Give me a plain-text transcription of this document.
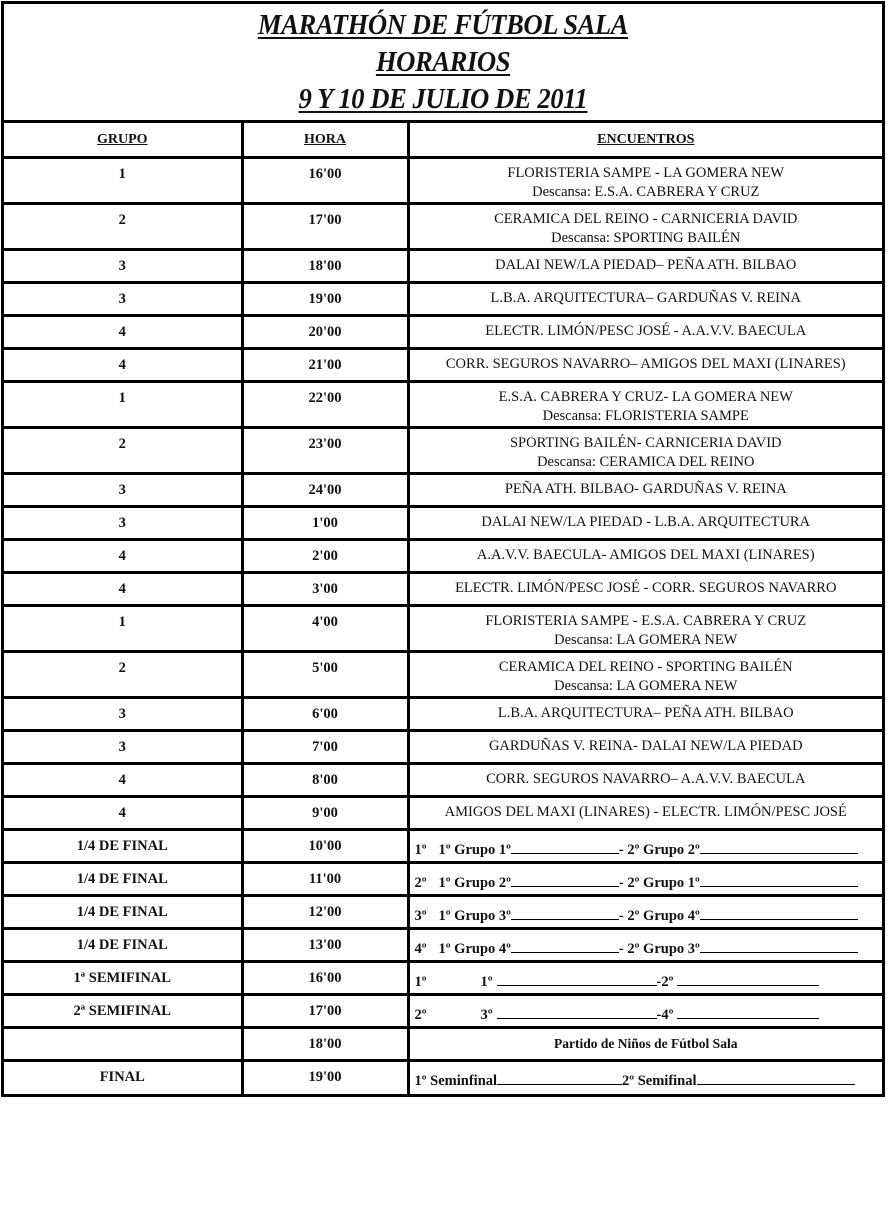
MARATHÓN DE FÚTBOL SALA
HORARIOS
9 Y 10 DE JULIO DE 2011
GRUPO	HORA	ENCUENTROS
1	16'00	FLORISTERIA SAMPE - LA GOMERA NEW
Descansa: E.S.A. CABRERA Y CRUZ

2	17'00	CERAMICA DEL REINO - CARNICERIA DAVID
Descansa: SPORTING BAILÉN

3	18'00	DALAI NEW/LA PIEDAD– PEÑA ATH. BILBAO

3	19'00	L.B.A. ARQUITECTURA– GARDUÑAS V. REINA

4	20'00	ELECTR. LIMÓN/PESC JOSÉ - A.A.V.V. BAECULA

4	21'00	CORR. SEGUROS NAVARRO– AMIGOS DEL MAXI (LINARES)

1	22'00	E.S.A. CABRERA Y CRUZ- LA GOMERA NEW
Descansa: FLORISTERIA SAMPE

2	23'00	SPORTING BAILÉN- CARNICERIA DAVID
Descansa: CERAMICA DEL REINO

3	24'00	PEÑA ATH. BILBAO- GARDUÑAS V. REINA

3	1'00	DALAI NEW/LA PIEDAD - L.B.A. ARQUITECTURA

4	2'00	A.A.V.V. BAECULA- AMIGOS DEL MAXI (LINARES)

4	3'00	ELECTR. LIMÓN/PESC JOSÉ - CORR. SEGUROS NAVARRO

1	4'00	FLORISTERIA SAMPE - E.S.A. CABRERA Y CRUZ
Descansa: LA GOMERA NEW

2	5'00	CERAMICA DEL REINO - SPORTING BAILÉN
Descansa: LA GOMERA NEW

3	6'00	L.B.A. ARQUITECTURA– PEÑA ATH. BILBAO

3	7'00	GARDUÑAS V. REINA- DALAI NEW/LA PIEDAD

4	8'00	CORR. SEGUROS NAVARRO– A.A.V.V. BAECULA

4	9'00	AMIGOS DEL MAXI (LINARES) - ELECTR. LIMÓN/PESC JOSÉ

1/4 DE FINAL	10'00	1º 1º Grupo 1º - 2º Grupo 2º
1/4 DE FINAL	11'00	2º 1º Grupo 2º - 2º Grupo 1º
1/4 DE FINAL	12'00	3º 1º Grupo 3º - 2º Grupo 4º
1/4 DE FINAL	13'00	4º 1º Grupo 4º - 2º Grupo 3º
1ª SEMIFINAL	16'00	1º 1º -2º
2ª SEMIFINAL	17'00	2º 3º -4º
	18'00	Partido de Niños de Fútbol Sala
FINAL	19'00	1º Seminfinal 2º Semifinal
